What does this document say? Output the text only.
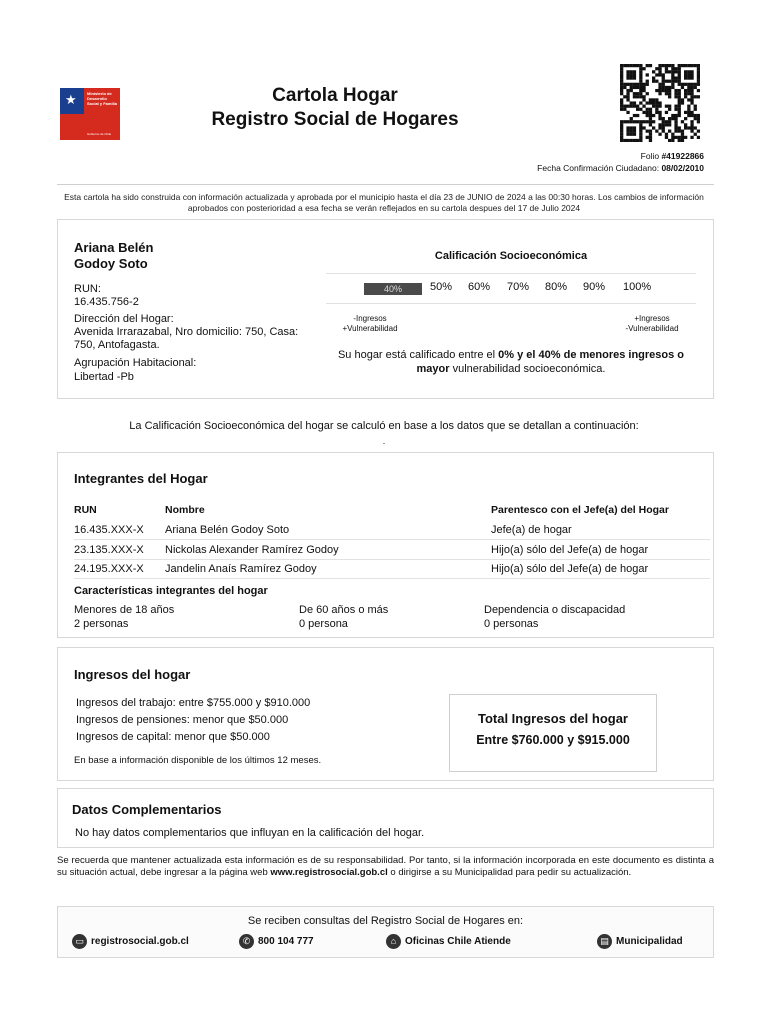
★	Ministerio de Desarrollo Social y Familia
Gobierno de Chile
Cartola Hogar
Registro Social de Hogares
Folio #41922866
Fecha Confirmación Ciudadano: 08/02/2010
Esta cartola ha sido construida con información actualizada y aprobada por el municipio hasta el día 23 de JUNIO de 2024 a las 00:30 horas. Los cambios de información aprobados con posterioridad a esa fecha se verán reflejados en su cartola despues del 17 de Julio 2024
Ariana Belén
Godoy Soto
RUN:
16.435.756-2
Dirección del Hogar:
Avenida Irrarazabal, Nro domicilio: 750, Casa:
750, Antofagasta.
Agrupación Habitacional:
Libertad -Pb
Calificación Socioeconómica
40%	50% 60% 70% 80% 90% 100%
-Ingresos
+Vulnerabilidad
+Ingresos
-Vulnerabilidad
Su hogar está calificado entre el 0% y el 40% de menores ingresos o mayor vulnerabilidad socioeconómica.
La Calificación Socioeconómica del hogar se calculó en base a los datos que se detallan a continuación:
.
Integrantes del Hogar
RUN	Nombre	Parentesco con el Jefe(a) del Hogar
16.435.XXX-X Ariana Belén Godoy Soto	Jefe(a) de hogar
23.135.XXX-X Nickolas Alexander Ramírez Godoy	Hijo(a) sólo del Jefe(a) de hogar
24.195.XXX-X Jandelin Anaís Ramírez Godoy	Hijo(a) sólo del Jefe(a) de hogar
Características integrantes del hogar
Menores de 18 años
2 personas
De 60 años o más
0 persona
Dependencia o discapacidad
0 personas
Ingresos del hogar
Ingresos del trabajo: entre $755.000 y $910.000
Ingresos de pensiones: menor que $50.000
Ingresos de capital: menor que $50.000
En base a información disponible de los últimos 12 meses.
Total Ingresos del hogar
Entre $760.000 y $915.000
Datos Complementarios
No hay datos complementarios que influyan en la calificación del hogar.
Se recuerda que mantener actualizada esta información es de su responsabilidad. Por tanto, si la información incorporada en este documento es distinta a su situación actual, debe ingresar a la página web www.registrosocial.gob.cl o dirigirse a su Municipalidad para pedir su actualización.
Se reciben consultas del Registro Social de Hogares en:
▭ registrosocial.gob.cl	✆ 800 104 777	⌂ Oficinas Chile Atiende	▤ Municipalidad
